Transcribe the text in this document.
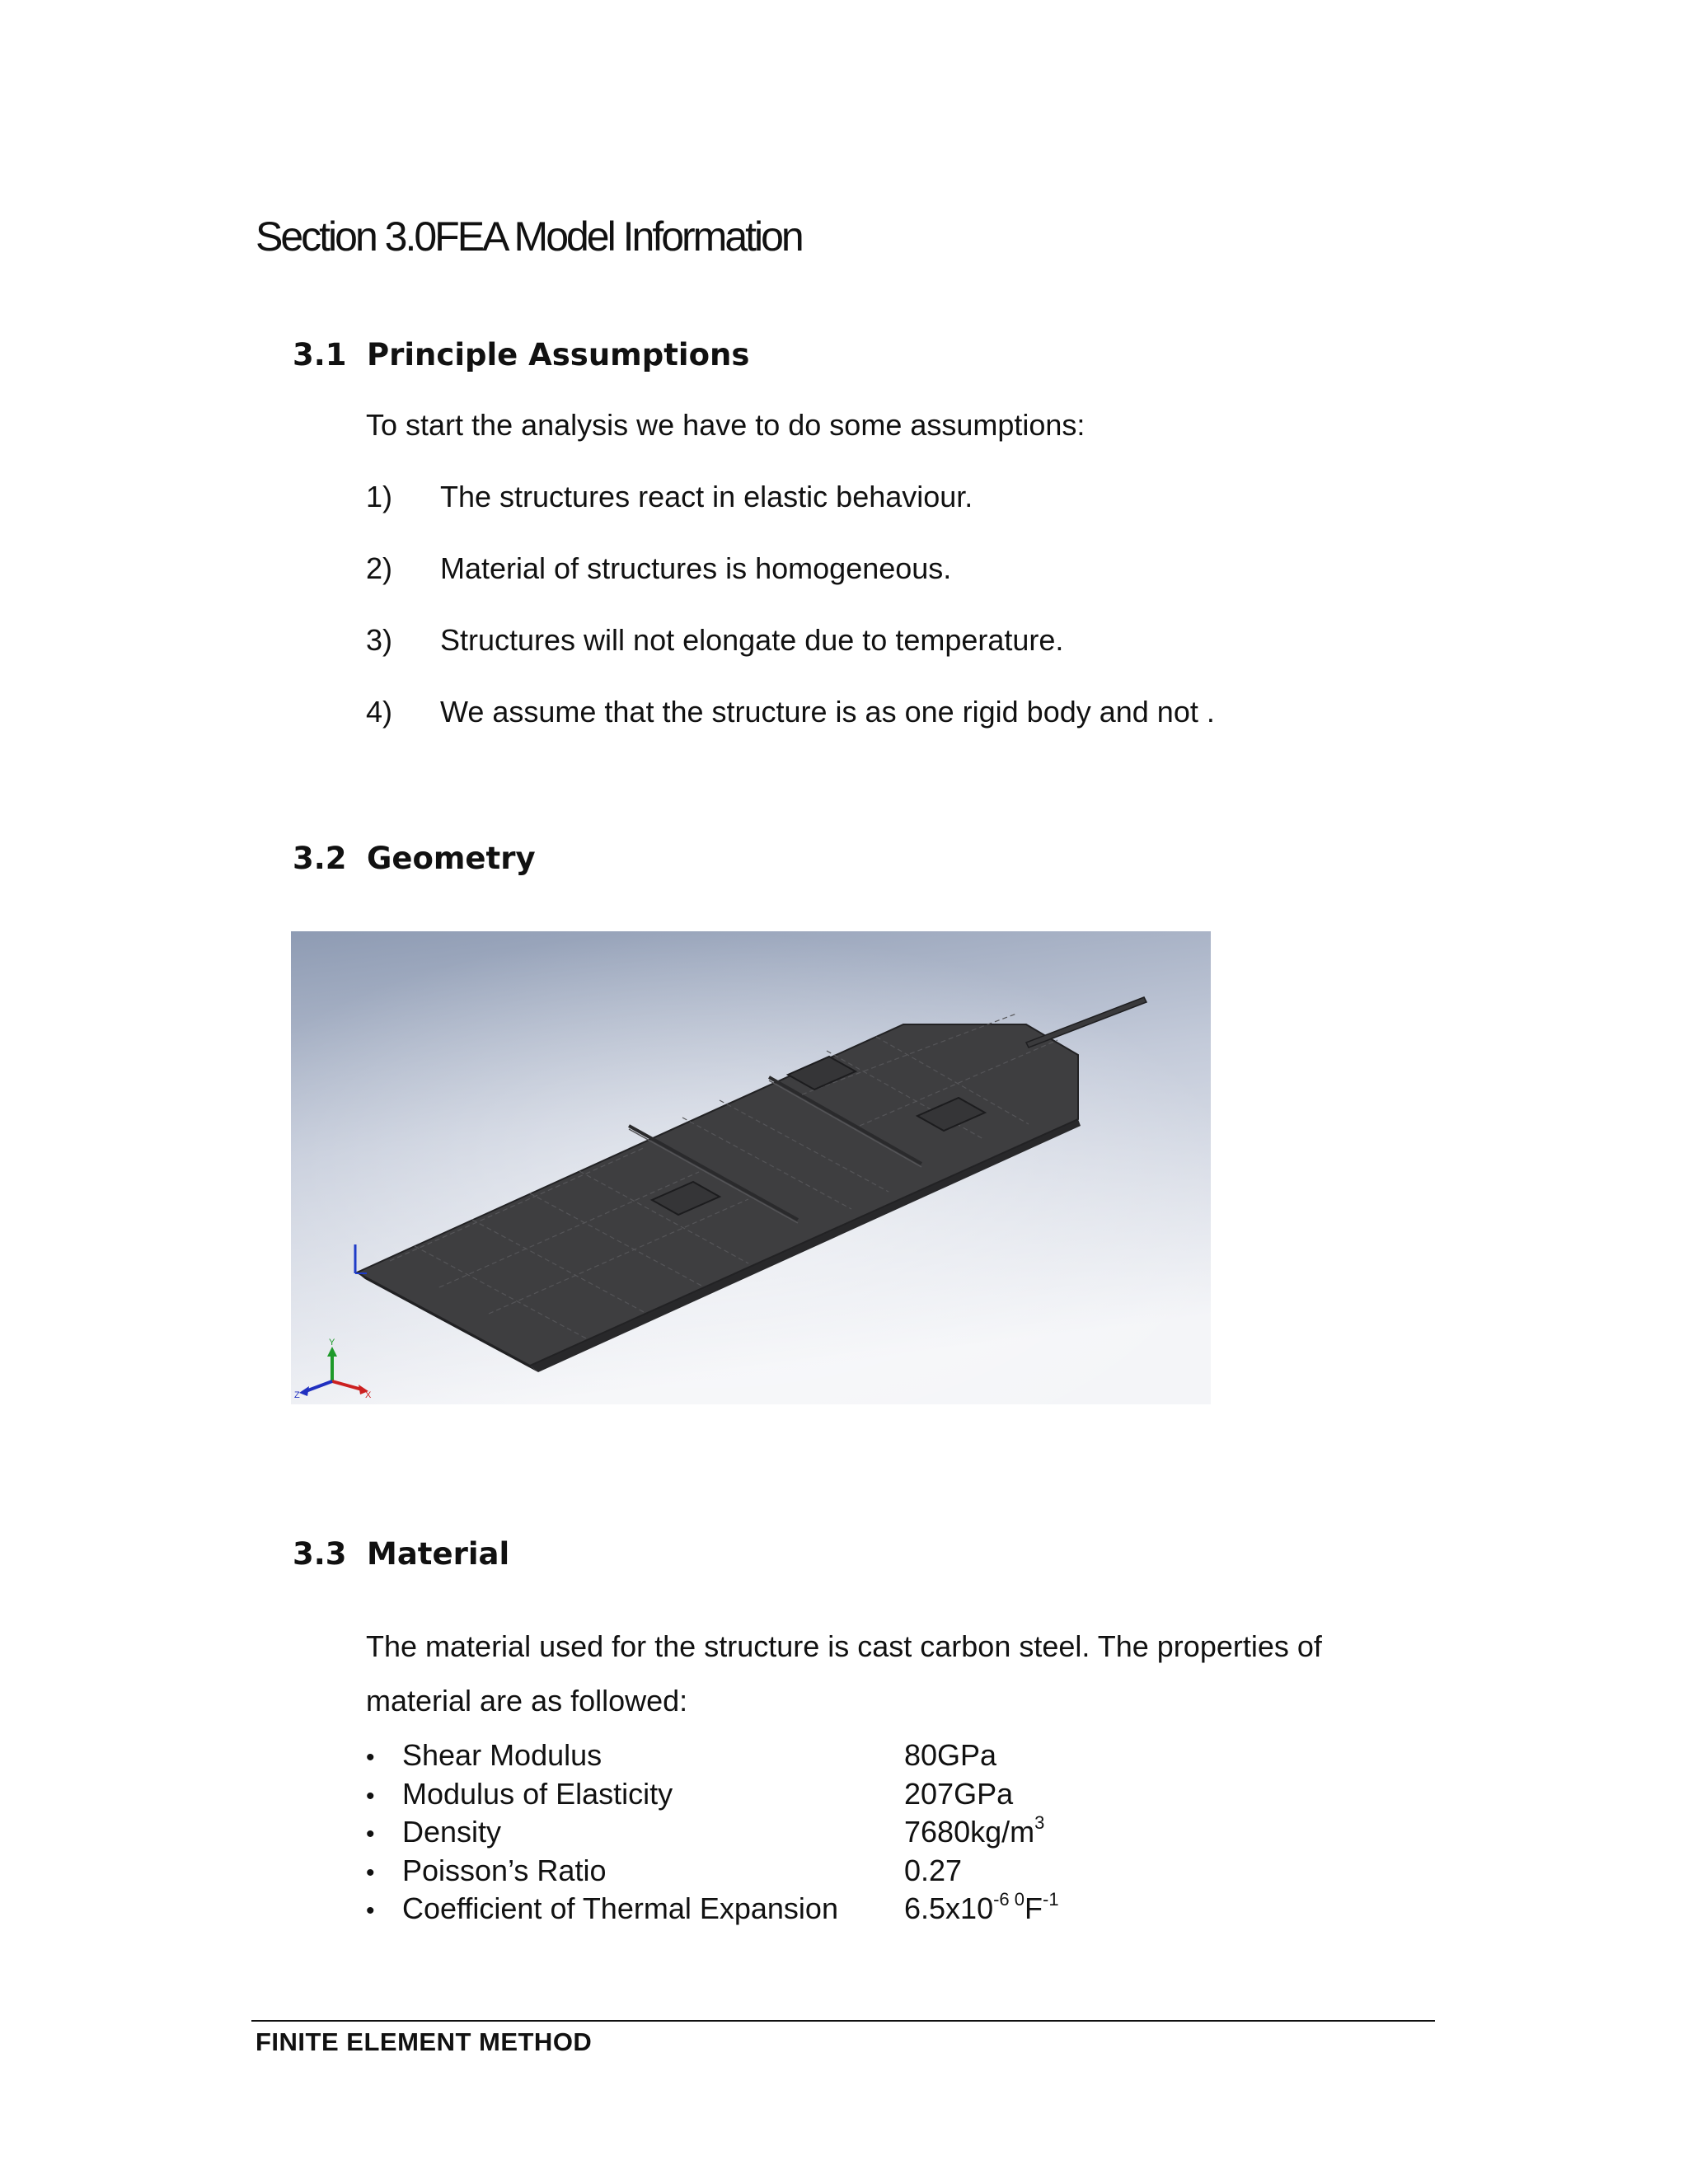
Section 3.0FEA Model Information
3.1 Principle Assumptions
To start the analysis we have to do some assumptions:
1) The structures react in elastic behaviour.
2) Material of structures is homogeneous.
3) Structures will not elongate due to temperature.
4) We assume that the structure is as one rigid body and not .
3.2 Geometry
Y
X
Z
3.3 Material
The material used for the structure is cast carbon steel. The properties of
material are as followed:
• Shear Modulus	80GPa
• Modulus of Elasticity	207GPa
• Density	$7680kg/m^3$
• Poisson’s Ratio	0.27
• Coefficient of Thermal Expansion $6.5x10^{-6 0}F^{-1}$
FINITE ELEMENT METHOD
